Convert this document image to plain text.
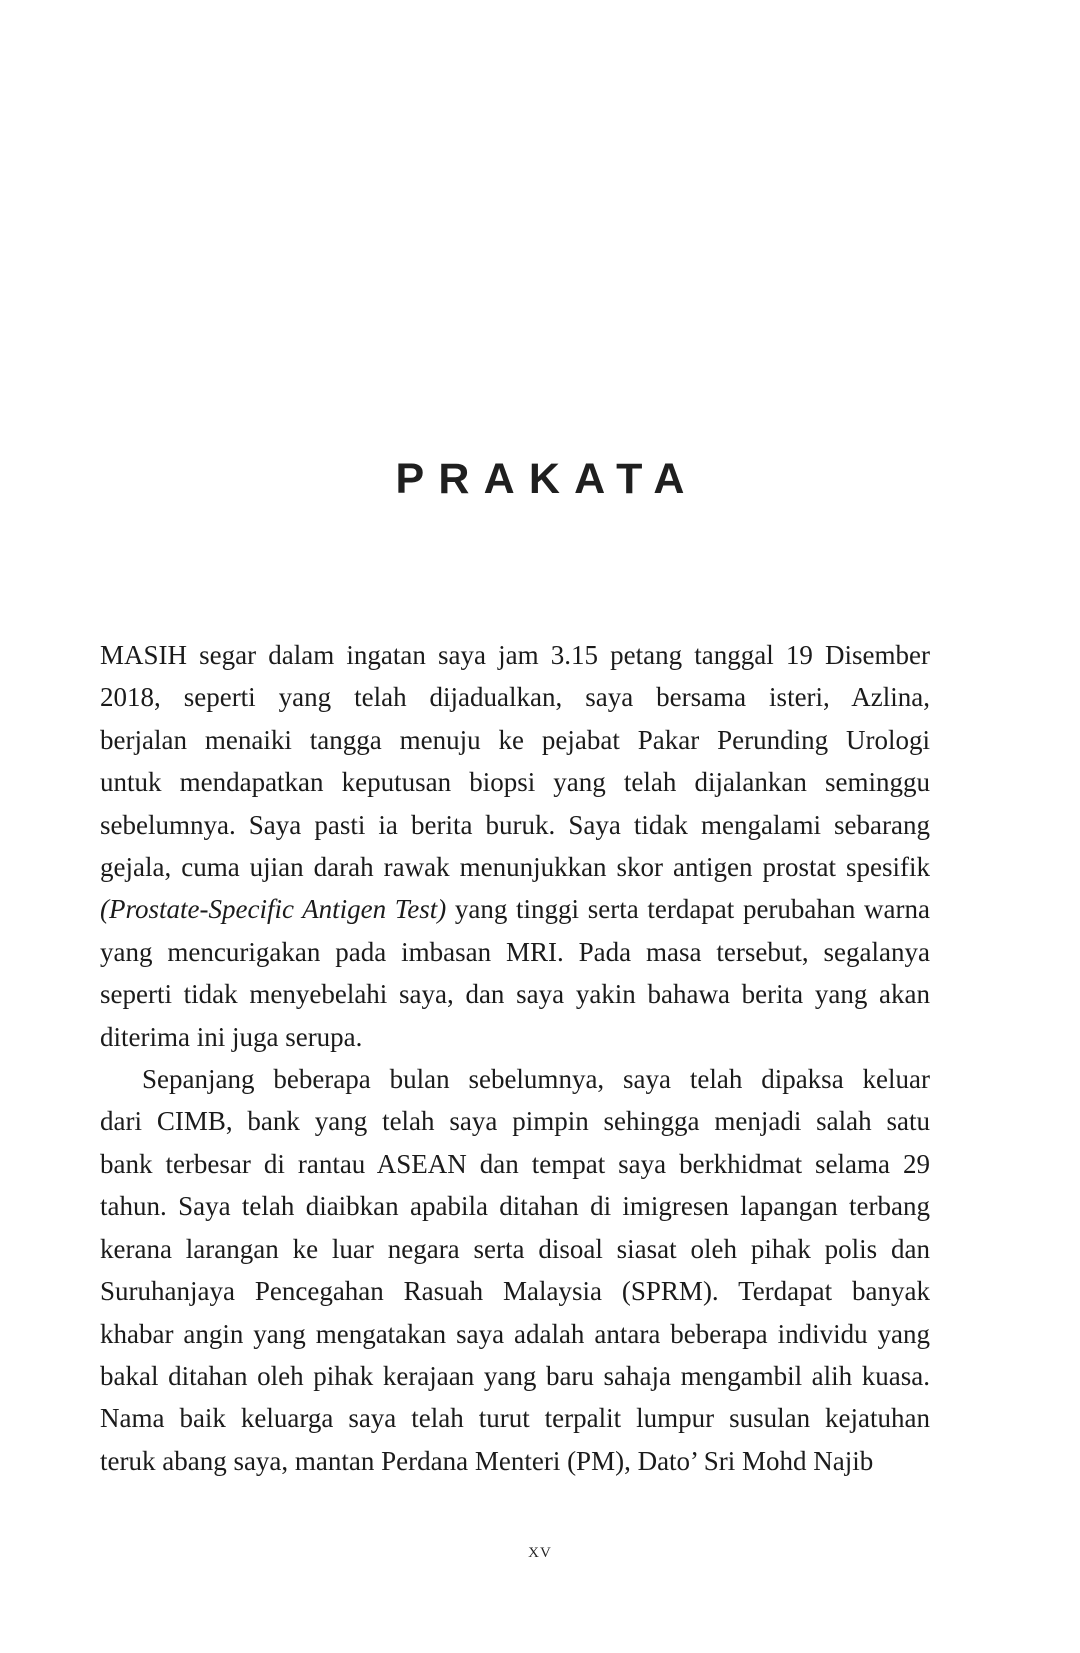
PRAKATA
MASIH segar dalam ingatan saya jam 3.15 petang tanggal 19 Disember
2018, seperti yang telah dijadualkan, saya bersama isteri, Azlina,
berjalan menaiki tangga menuju ke pejabat Pakar Perunding Urologi
untuk mendapatkan keputusan biopsi yang telah dijalankan seminggu
sebelumnya. Saya pasti ia berita buruk. Saya tidak mengalami sebarang
gejala, cuma ujian darah rawak menunjukkan skor antigen prostat spesifik
(Prostate-Specific Antigen Test) yang tinggi serta terdapat perubahan warna
yang mencurigakan pada imbasan MRI. Pada masa tersebut, segalanya
seperti tidak menyebelahi saya, dan saya yakin bahawa berita yang akan
diterima ini juga serupa.
Sepanjang beberapa bulan sebelumnya, saya telah dipaksa keluar
dari CIMB, bank yang telah saya pimpin sehingga menjadi salah satu
bank terbesar di rantau ASEAN dan tempat saya berkhidmat selama 29
tahun. Saya telah diaibkan apabila ditahan di imigresen lapangan terbang
kerana larangan ke luar negara serta disoal siasat oleh pihak polis dan
Suruhanjaya Pencegahan Rasuah Malaysia (SPRM). Terdapat banyak
khabar angin yang mengatakan saya adalah antara beberapa individu yang
bakal ditahan oleh pihak kerajaan yang baru sahaja mengambil alih kuasa.
Nama baik keluarga saya telah turut terpalit lumpur susulan kejatuhan
teruk abang saya, mantan Perdana Menteri (PM), Dato’ Sri Mohd Najib
xv
